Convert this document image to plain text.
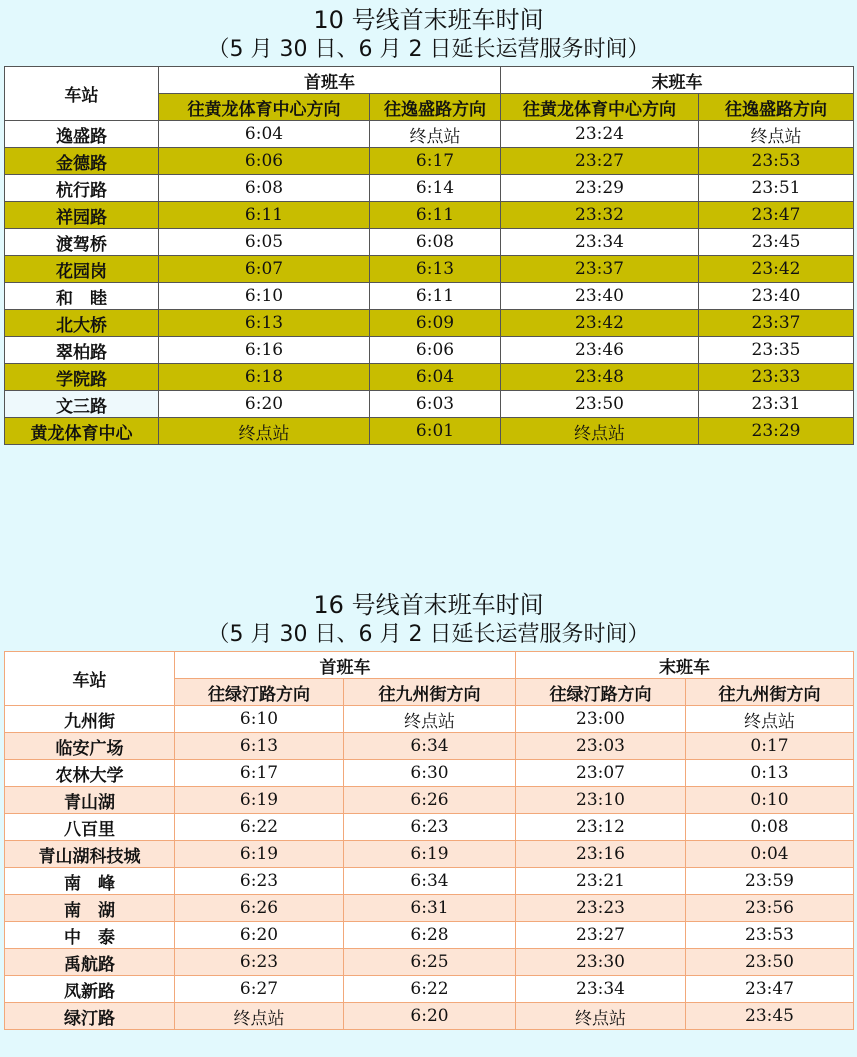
10 号线首末班车时间
（5 月 30 日、6 月 2 日延长运营服务时间）
车站	首班车		末班车	
	往黄龙体育中心方向	往逸盛路方向	往黄龙体育中心方向	往逸盛路方向
逸盛路	6:04	终点站	23:24	终点站
金德路	6:06	6:17	23:27	23:53
杭行路	6:08	6:14	23:29	23:51
祥园路	6:11	6:11	23:32	23:47
渡驾桥	6:05	6:08	23:34	23:45
花园岗	6:07	6:13	23:37	23:42
和　睦	6:10	6:11	23:40	23:40
北大桥	6:13	6:09	23:42	23:37
翠柏路	6:16	6:06	23:46	23:35
学院路	6:18	6:04	23:48	23:33
文三路	6:20	6:03	23:50	23:31
黄龙体育中心	终点站	6:01	终点站	23:29
16 号线首末班车时间
（5 月 30 日、6 月 2 日延长运营服务时间）
车站	首班车		末班车	
	往绿汀路方向	往九州街方向	往绿汀路方向	往九州街方向
九州街	6:10	终点站	23:00	终点站
临安广场	6:13	6:34	23:03	0:17
农林大学	6:17	6:30	23:07	0:13
青山湖	6:19	6:26	23:10	0:10
八百里	6:22	6:23	23:12	0:08
青山湖科技城	6:19	6:19	23:16	0:04
南　峰	6:23	6:34	23:21	23:59
南　湖	6:26	6:31	23:23	23:56
中　泰	6:20	6:28	23:27	23:53
禹航路	6:23	6:25	23:30	23:50
凤新路	6:27	6:22	23:34	23:47
绿汀路	终点站	6:20	终点站	23:45
